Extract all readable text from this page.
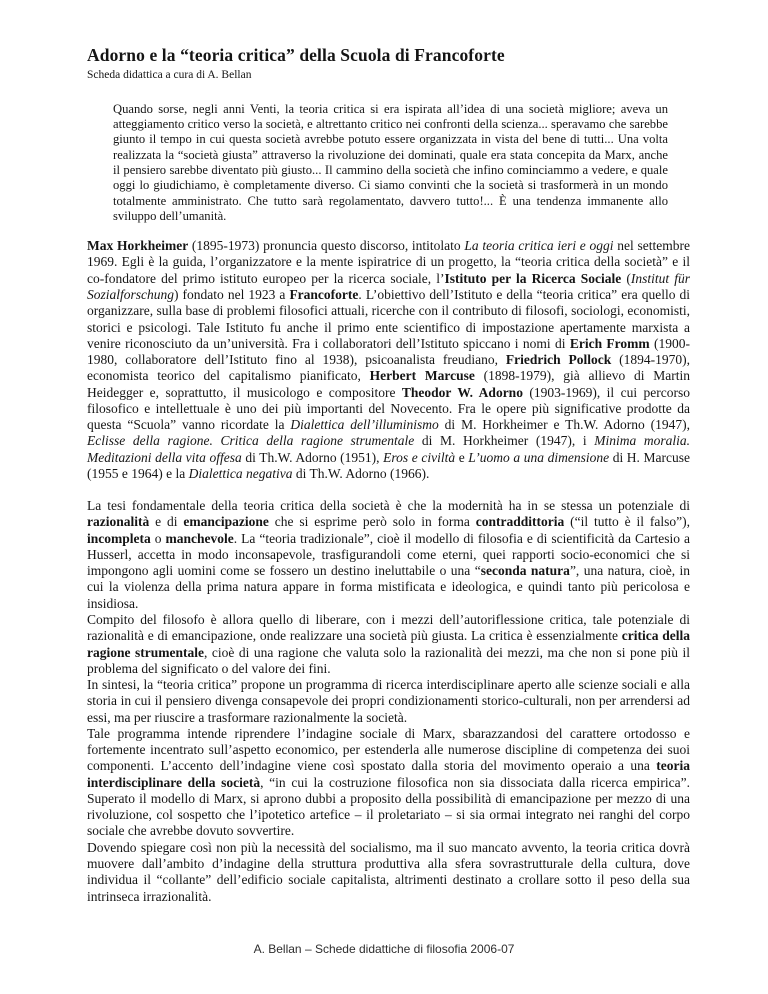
Adorno e la “teoria critica” della Scuola di Francoforte
Scheda didattica a cura di A. Bellan
Quando sorse, negli anni Venti, la teoria critica si era ispirata all’idea di una società migliore; aveva un atteggiamento critico verso la società, e altrettanto critico nei confronti della scienza... speravamo che sarebbe giunto il tempo in cui questa società avrebbe potuto essere organizzata in vista del bene di tutti... Una volta realizzata la “società giusta” attraverso la rivoluzione dei dominati, quale era stata concepita da Marx, anche il pensiero sarebbe diventato più giusto... Il cammino della società che infino cominciammo a vedere, e quale oggi lo giudichiamo, è completamente diverso. Ci siamo convinti che la società si trasformerà in un mondo totalmente amministrato. Che tutto sarà regolamentato, davvero tutto!... È una tendenza immanente allo sviluppo dell’umanità.

Max Horkheimer (1895-1973) pronuncia questo discorso, intitolato La teoria critica ieri e oggi nel settembre 1969. Egli è la guida, l’organizzatore e la mente ispiratrice di un progetto, la “teoria critica della società” e il co-fondatore del primo istituto europeo per la ricerca sociale, l’Istituto per la Ricerca Sociale (Institut für Sozialforschung) fondato nel 1923 a Francoforte. L’obiettivo dell’Istituto e della “teoria critica” era quello di organizzare, sulla base di problemi filosofici attuali, ricerche con il contributo di filosofi, sociologi, economisti, storici e psicologi. Tale Istituto fu anche il primo ente scientifico di impostazione apertamente marxista a venire riconosciuto da un’università. Fra i collaboratori dell’Istituto spiccano i nomi di Erich Fromm (1900-1980, collaboratore dell’Istituto fino al 1938), psicoanalista freudiano, Friedrich Pollock (1894-1970), economista teorico del capitalismo pianificato, Herbert Marcuse (1898-1979), già allievo di Martin Heidegger e, soprattutto, il musicologo e compositore Theodor W. Adorno (1903-1969), il cui percorso filosofico e intellettuale è uno dei più importanti del Novecento. Fra le opere più significative prodotte da questa “Scuola” vanno ricordate la Dialettica dell’illuminismo di M. Horkheimer e Th.W. Adorno (1947), Eclisse della ragione. Critica della ragione strumentale di M. Horkheimer (1947), i Minima moralia. Meditazioni della vita offesa di Th.W. Adorno (1951), Eros e civiltà e L’uomo a una dimensione di H. Marcuse (1955 e 1964) e la Dialettica negativa di Th.W. Adorno (1966).

La tesi fondamentale della teoria critica della società è che la modernità ha in se stessa un potenziale di razionalità e di emancipazione che si esprime però solo in forma contraddittoria (“il tutto è il falso”), incompleta o manchevole. La “teoria tradizionale”, cioè il modello di filosofia e di scientificità da Cartesio a Husserl, accetta in modo inconsapevole, trasfigurandoli come eterni, quei rapporti socio-economici che si impongono agli uomini come se fossero un destino ineluttabile o una “seconda natura”, una natura, cioè, in cui la violenza della prima natura appare in forma mistificata e ideologica, e quindi tanto più pericolosa e insidiosa.

Compito del filosofo è allora quello di liberare, con i mezzi dell’autoriflessione critica, tale potenziale di razionalità e di emancipazione, onde realizzare una società più giusta. La critica è essenzialmente critica della ragione strumentale, cioè di una ragione che valuta solo la razionalità dei mezzi, ma che non si pone più il problema del significato o del valore dei fini.

In sintesi, la “teoria critica” propone un programma di ricerca interdisciplinare aperto alle scienze sociali e alla storia in cui il pensiero divenga consapevole dei propri condizionamenti storico-culturali, non per arrendersi ad essi, ma per riuscire a trasformare razionalmente la società.

Tale programma intende riprendere l’indagine sociale di Marx, sbarazzandosi del carattere ortodosso e fortemente incentrato sull’aspetto economico, per estenderla alle numerose discipline di competenza dei suoi componenti. L’accento dell’indagine viene così spostato dalla storia del movimento operaio a una teoria interdisciplinare della società, “in cui la costruzione filosofica non sia dissociata dalla ricerca empirica”. Superato il modello di Marx, si aprono dubbi a proposito della possibilità di emancipazione per mezzo di una rivoluzione, col sospetto che l’ipotetico artefice – il proletariato – si sia ormai integrato nei ranghi del corpo sociale che avrebbe dovuto sovvertire.

Dovendo spiegare così non più la necessità del socialismo, ma il suo mancato avvento, la teoria critica dovrà muovere dall’ambito d’indagine della struttura produttiva alla sfera sovrastrutturale della cultura, dove individua il “collante” dell’edificio sociale capitalista, altrimenti destinato a crollare sotto il peso della sua intrinseca irrazionalità.

A. Bellan – Schede didattiche di filosofia 2006-07
